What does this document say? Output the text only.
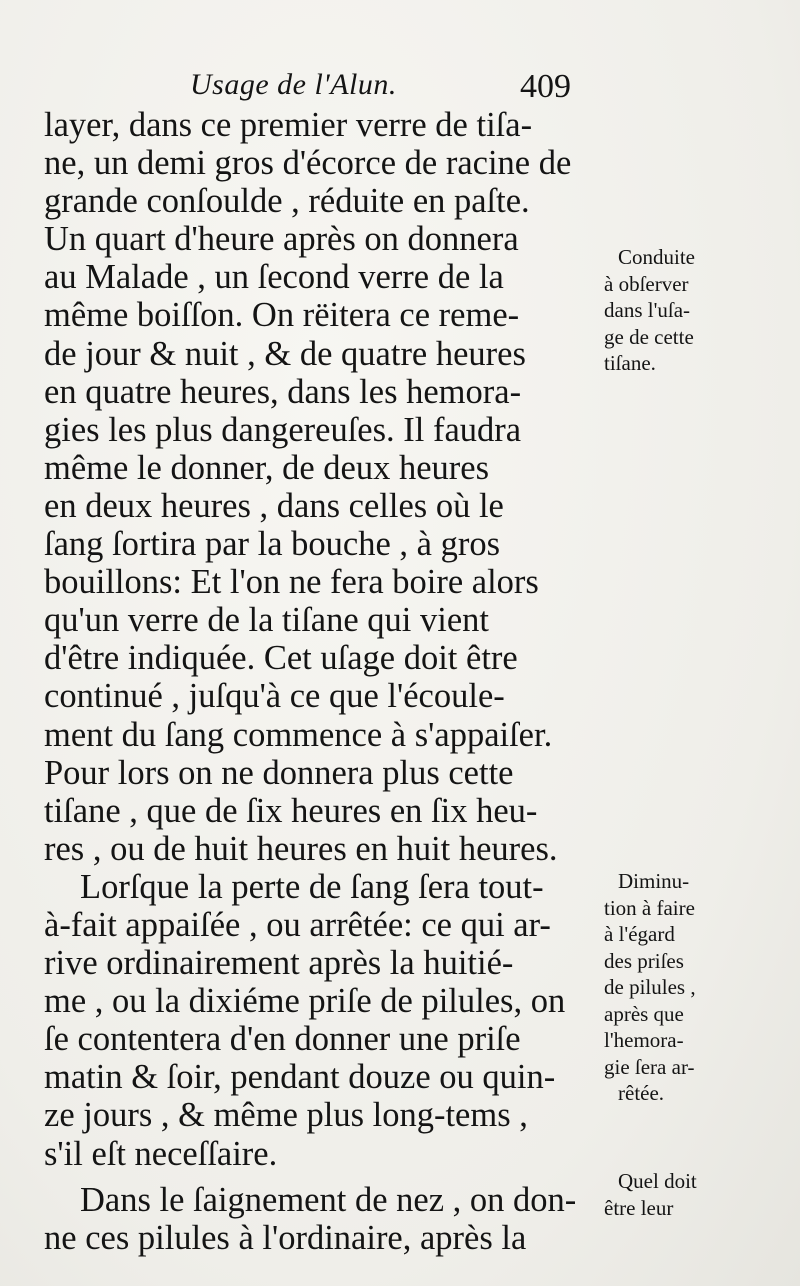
Usage de l'Alun.	409
layer, dans ce premier verre de tiſa-
ne, un demi gros d'écorce de racine de
grande conſoulde , réduite en paſte.
Un quart d'heure après on donnera
au Malade , un ſecond verre de la
même boiſſon. On rëitera ce reme-
de jour & nuit , & de quatre heures
en quatre heures, dans les hemora-
gies les plus dangereuſes. Il faudra
même le donner, de deux heures
en deux heures , dans celles où le
ſang ſortira par la bouche , à gros
bouillons: Et l'on ne fera boire alors
qu'un verre de la tiſane qui vient
d'être indiquée. Cet uſage doit être
continué , juſqu'à ce que l'écoule-
ment du ſang commence à s'appaiſer.
Pour lors on ne donnera plus cette
tiſane , que de ſix heures en ſix heu-
res , ou de huit heures en huit heures.
Lorſque la perte de ſang ſera tout-
à-fait appaiſée , ou arrêtée: ce qui ar-
rive ordinairement après la huitié-
me , ou la dixiéme priſe de pilules, on
ſe contentera d'en donner une priſe
matin & ſoir, pendant douze ou quin-
ze jours , & même plus long-tems ,
s'il eſt neceſſaire.
Dans le ſaignement de nez , on don-
ne ces pilules à l'ordinaire, après la
Conduite
à obſerver
dans l'uſa-
ge de cette
tiſane.
Diminu-
tion à faire
à l'égard
des priſes
de pilules ,
après que
l'hemora-
gie ſera ar-
rêtée.
Quel doit
être leur
